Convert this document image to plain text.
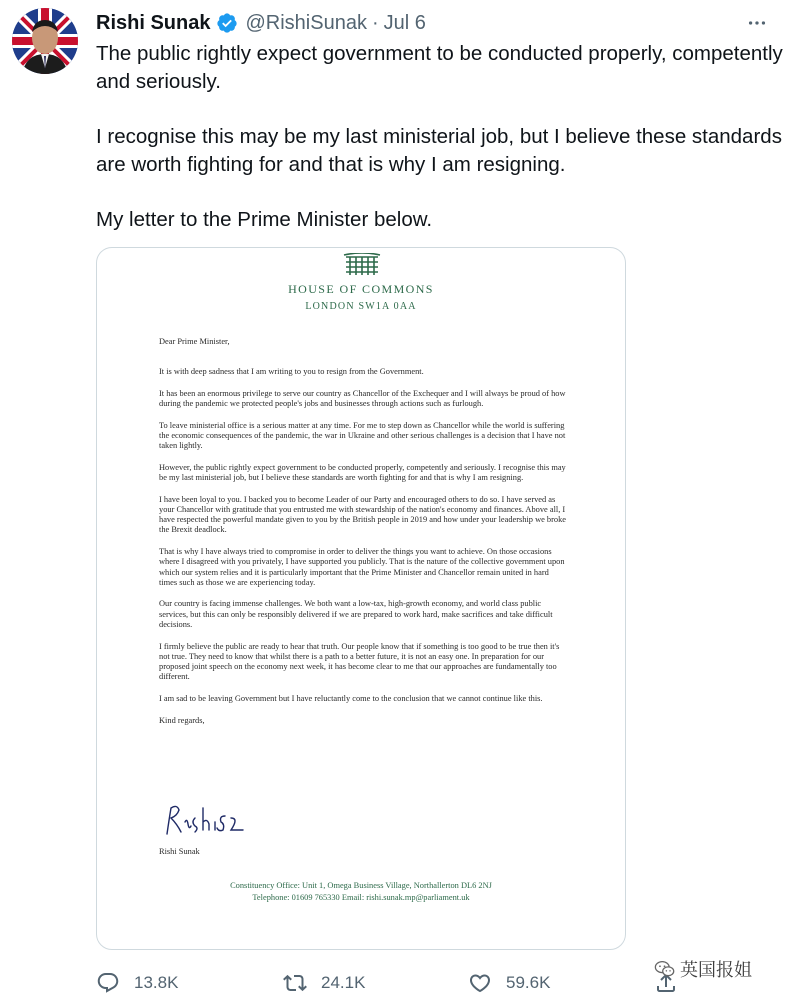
Rishi Sunak @RishiSunak · Jul 6

The public rightly expect government to be conducted properly, competently and seriously.

I recognise this may be my last ministerial job, but I believe these standards are worth fighting for and that is why I am resigning.

My letter to the Prime Minister below.

HOUSE OF COMMONS
LONDON SW1A 0AA

Dear Prime Minister,

It is with deep sadness that I am writing to you to resign from the Government.

It has been an enormous privilege to serve our country as Chancellor of the Exchequer and I will always be proud of how during the pandemic we protected people's jobs and businesses through actions such as furlough.

To leave ministerial office is a serious matter at any time. For me to step down as Chancellor while the world is suffering the economic consequences of the pandemic, the war in Ukraine and other serious challenges is a decision that I have not taken lightly.

However, the public rightly expect government to be conducted properly, competently and seriously. I recognise this may be my last ministerial job, but I believe these standards are worth fighting for and that is why I am resigning.

I have been loyal to you. I backed you to become Leader of our Party and encouraged others to do so. I have served as your Chancellor with gratitude that you entrusted me with stewardship of the nation's economy and finances. Above all, I have respected the powerful mandate given to you by the British people in 2019 and how under your leadership we broke the Brexit deadlock.

That is why I have always tried to compromise in order to deliver the things you want to achieve. On those occasions where I disagreed with you privately, I have supported you publicly. That is the nature of the collective government upon which our system relies and it is particularly important that the Prime Minister and Chancellor remain united in hard times such as those we are experiencing today.

Our country is facing immense challenges. We both want a low-tax, high-growth economy, and world class public services, but this can only be responsibly delivered if we are prepared to work hard, make sacrifices and take difficult decisions.

I firmly believe the public are ready to hear that truth. Our people know that if something is too good to be true then it's not true. They need to know that whilst there is a path to a better future, it is not an easy one. In preparation for our proposed joint speech on the economy next week, it has become clear to me that our approaches are fundamentally too different.

I am sad to be leaving Government but I have reluctantly come to the conclusion that we cannot continue like this.

Kind regards,

Rishi Sunak
Constituency Office: Unit 1, Omega Business Village, Northallerton DL6 2NJ
Telephone: 01609 765330 Email: rishi.sunak.mp@parliament.uk
13.8K	24.1K	59.6K
英国报姐
